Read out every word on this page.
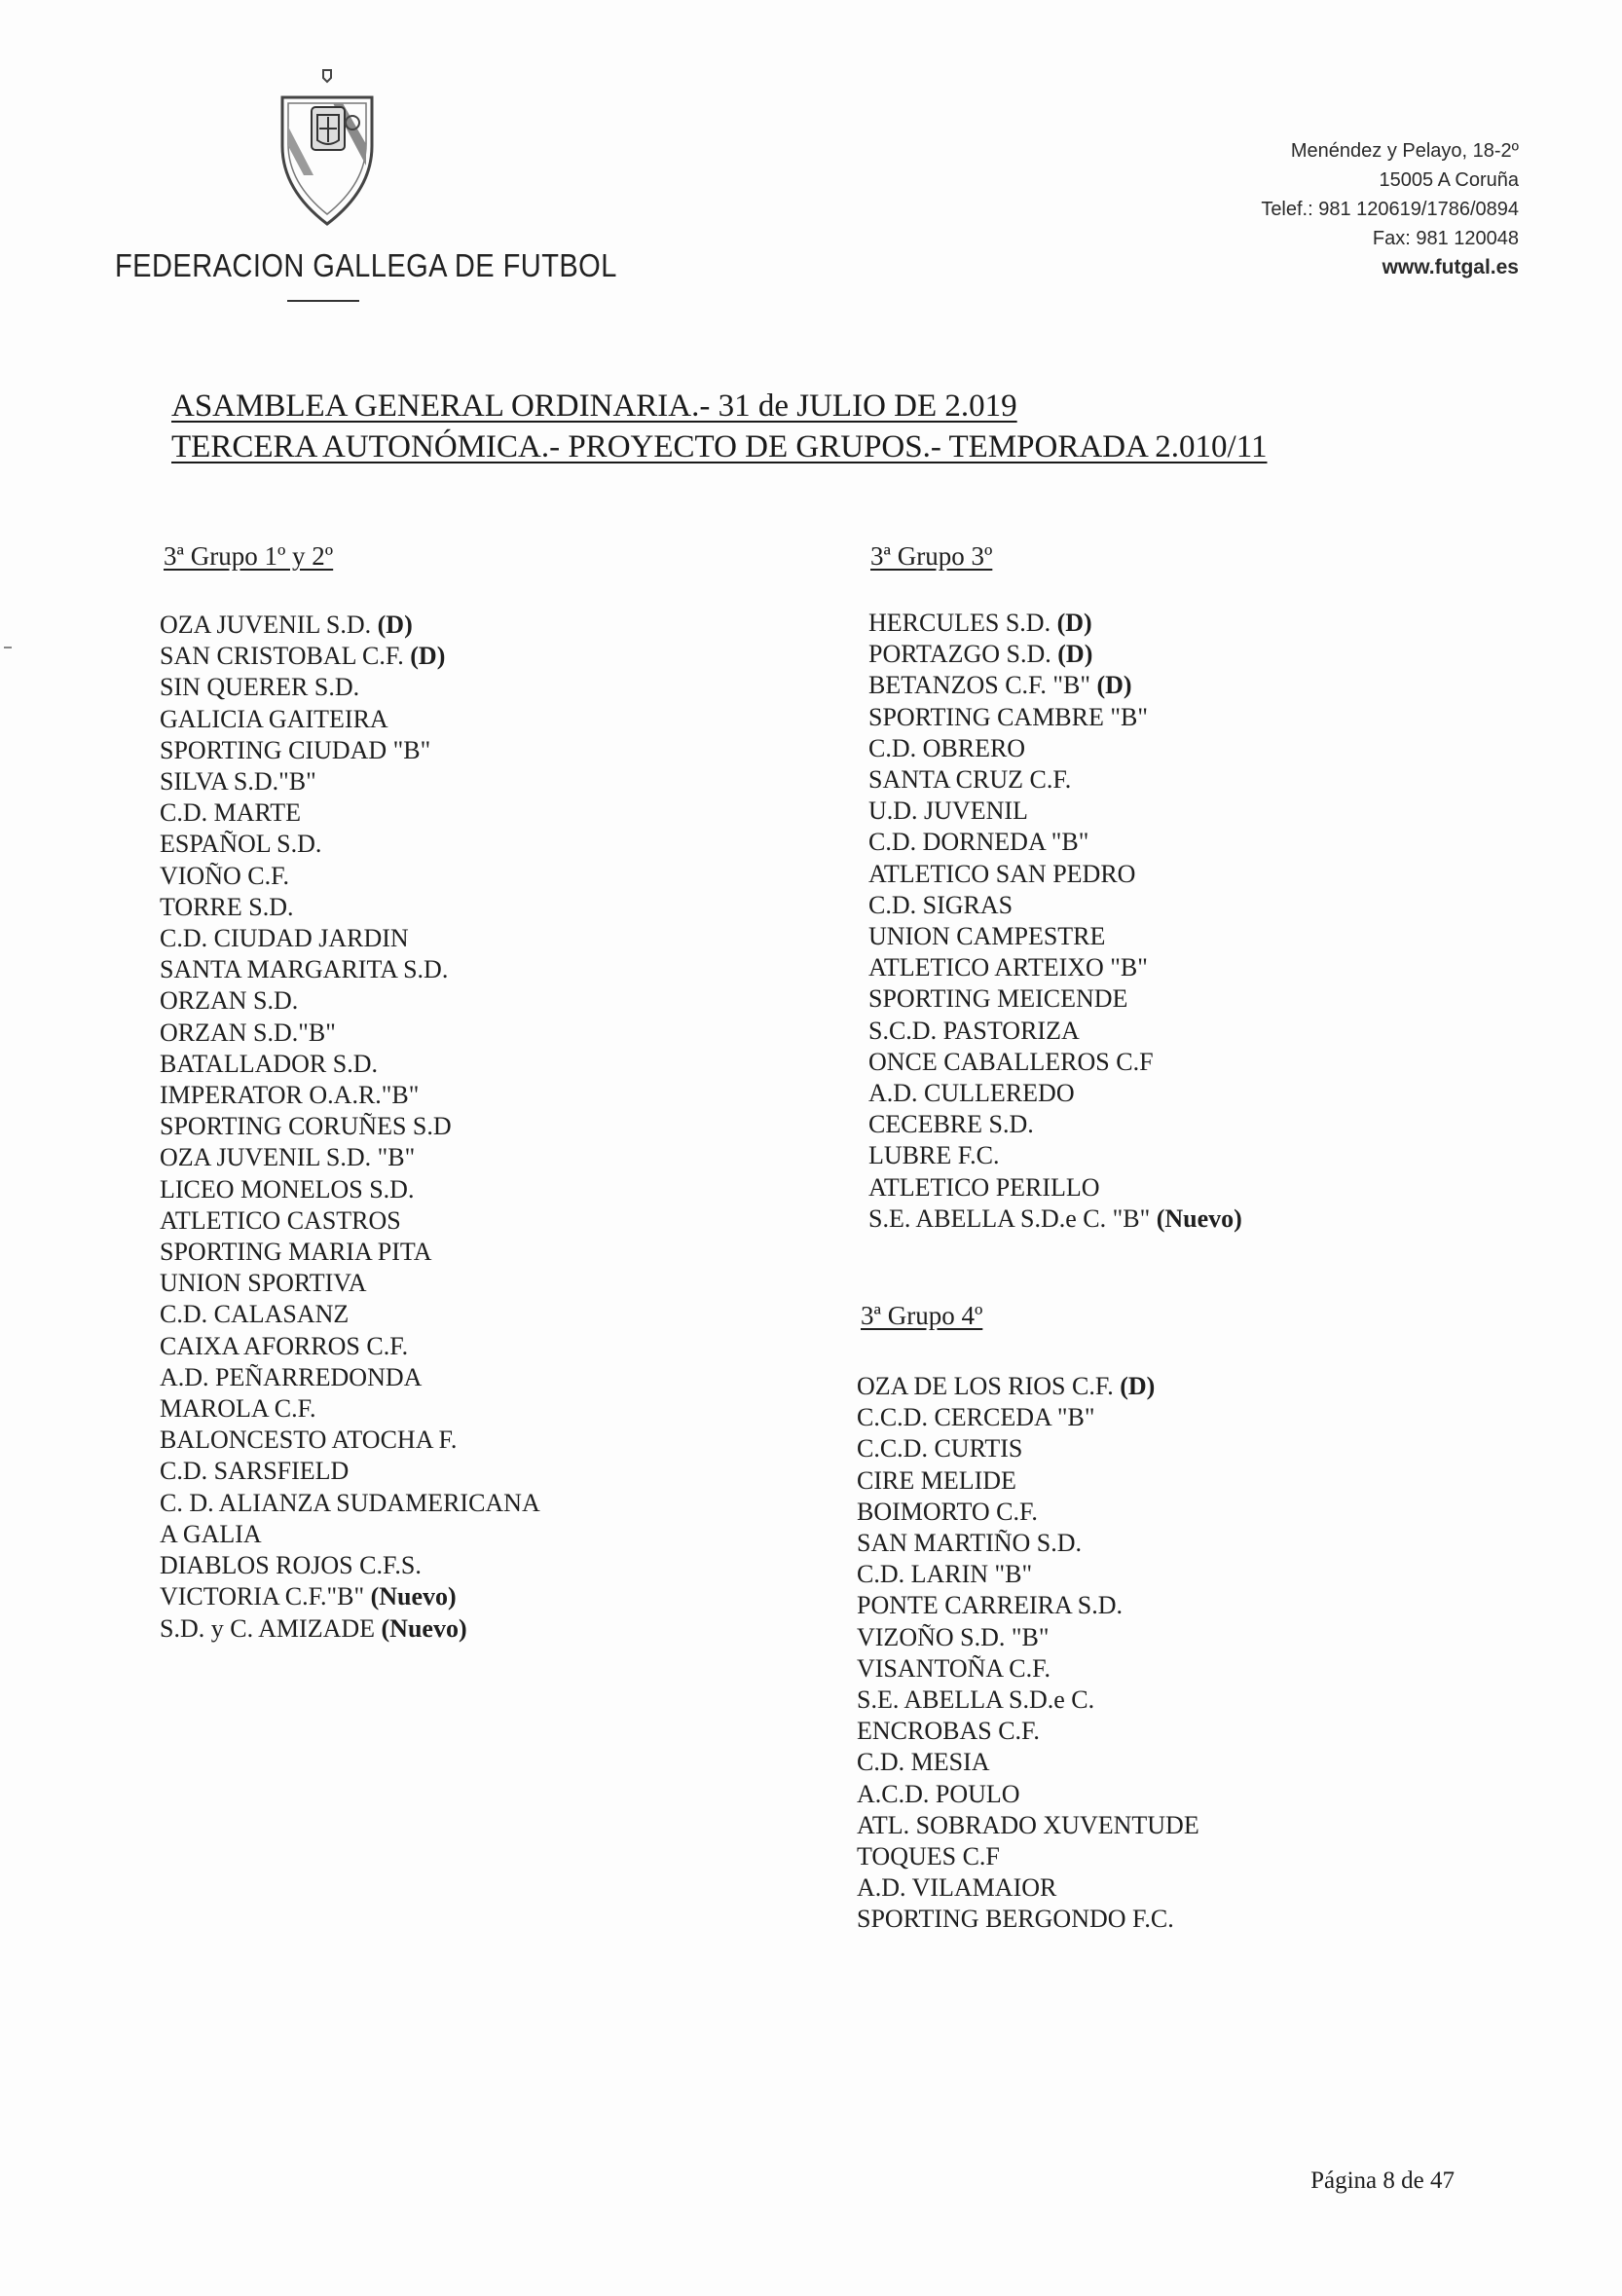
FEDERACION GALLEGA DE FUTBOL
Menéndez y Pelayo, 18-2º
15005 A Coruña
Telef.: 981 120619/1786/0894
Fax: 981 120048
www.futgal.es
ASAMBLEA GENERAL ORDINARIA.- 31 de JULIO DE 2.019
TERCERA AUTONÓMICA.- PROYECTO DE GRUPOS.- TEMPORADA 2.010/11
3ª Grupo 1º y 2º
OZA JUVENIL S.D. (D)
SAN CRISTOBAL C.F. (D)
SIN QUERER S.D.
GALICIA GAITEIRA
SPORTING CIUDAD "B"
SILVA S.D."B"
C.D. MARTE
ESPAÑOL S.D.
VIOÑO C.F.
TORRE S.D.
C.D. CIUDAD JARDIN
SANTA MARGARITA S.D.
ORZAN S.D.
ORZAN S.D."B"
BATALLADOR S.D.
IMPERATOR O.A.R."B"
SPORTING CORUÑES S.D
OZA JUVENIL S.D. "B"
LICEO MONELOS S.D.
ATLETICO CASTROS
SPORTING MARIA PITA
UNION SPORTIVA
C.D. CALASANZ
CAIXA AFORROS C.F.
A.D. PEÑARREDONDA
MAROLA C.F.
BALONCESTO ATOCHA F.
C.D. SARSFIELD
C. D. ALIANZA SUDAMERICANA
A GALIA
DIABLOS ROJOS C.F.S.
VICTORIA C.F."B" (Nuevo)
S.D. y C. AMIZADE (Nuevo)
3ª Grupo 3º
HERCULES S.D. (D)
PORTAZGO S.D. (D)
BETANZOS C.F. "B" (D)
SPORTING CAMBRE "B"
C.D. OBRERO
SANTA CRUZ C.F.
U.D. JUVENIL
C.D. DORNEDA "B"
ATLETICO SAN PEDRO
C.D. SIGRAS
UNION CAMPESTRE
ATLETICO ARTEIXO "B"
SPORTING MEICENDE
S.C.D. PASTORIZA
ONCE CABALLEROS C.F
A.D. CULLEREDO
CECEBRE S.D.
LUBRE F.C.
ATLETICO PERILLO
S.E. ABELLA S.D.e C. "B" (Nuevo)
3ª Grupo 4º
OZA DE LOS RIOS C.F. (D)
C.C.D. CERCEDA "B"
C.C.D. CURTIS
CIRE MELIDE
BOIMORTO C.F.
SAN MARTIÑO S.D.
C.D. LARIN "B"
PONTE CARREIRA S.D.
VIZOÑO S.D. "B"
VISANTOÑA C.F.
S.E. ABELLA S.D.e C.
ENCROBAS C.F.
C.D. MESIA
A.C.D. POULO
ATL. SOBRADO XUVENTUDE
TOQUES C.F
A.D. VILAMAIOR
SPORTING BERGONDO F.C.
Página 8 de 47
